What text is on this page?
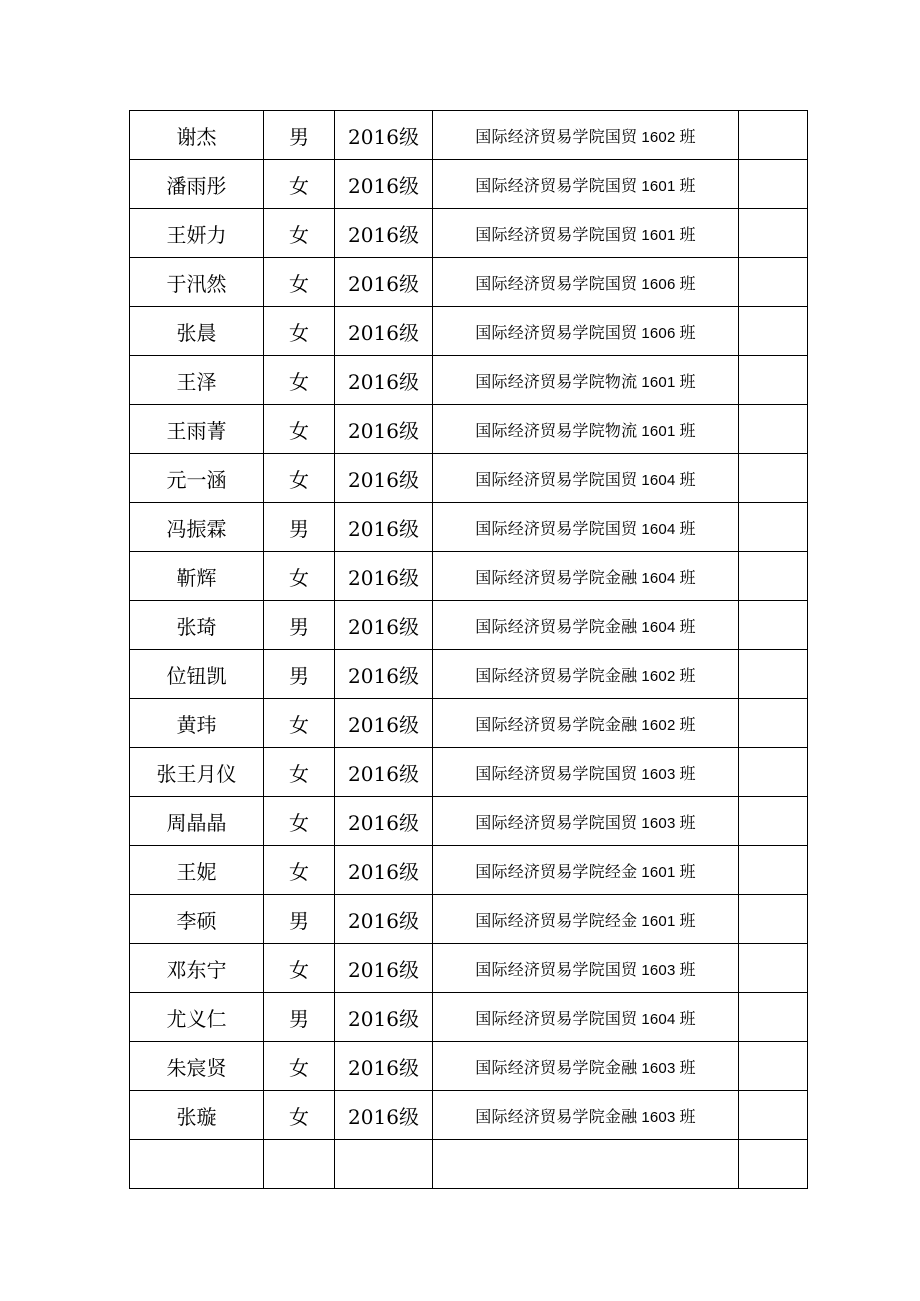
谢杰	男	2016级	国际经济贸易学院国贸 1602 班	
潘雨彤	女	2016级	国际经济贸易学院国贸 1601 班	
王妍力	女	2016级	国际经济贸易学院国贸 1601 班	
于汛然	女	2016级	国际经济贸易学院国贸 1606 班	
张晨	女	2016级	国际经济贸易学院国贸 1606 班	
王泽	女	2016级	国际经济贸易学院物流 1601 班	
王雨菁	女	2016级	国际经济贸易学院物流 1601 班	
元一涵	女	2016级	国际经济贸易学院国贸 1604 班	
冯振霖	男	2016级	国际经济贸易学院国贸 1604 班	
靳辉	女	2016级	国际经济贸易学院金融 1604 班	
张琦	男	2016级	国际经济贸易学院金融 1604 班	
位钮凯	男	2016级	国际经济贸易学院金融 1602 班	
黄玮	女	2016级	国际经济贸易学院金融 1602 班	
张王月仪	女	2016级	国际经济贸易学院国贸 1603 班	
周晶晶	女	2016级	国际经济贸易学院国贸 1603 班	
王妮	女	2016级	国际经济贸易学院经金 1601 班	
李硕	男	2016级	国际经济贸易学院经金 1601 班	
邓东宁	女	2016级	国际经济贸易学院国贸 1603 班	
尤义仁	男	2016级	国际经济贸易学院国贸 1604 班	
朱宸贤	女	2016级	国际经济贸易学院金融 1603 班	
张璇	女	2016级	国际经济贸易学院金融 1603 班	
